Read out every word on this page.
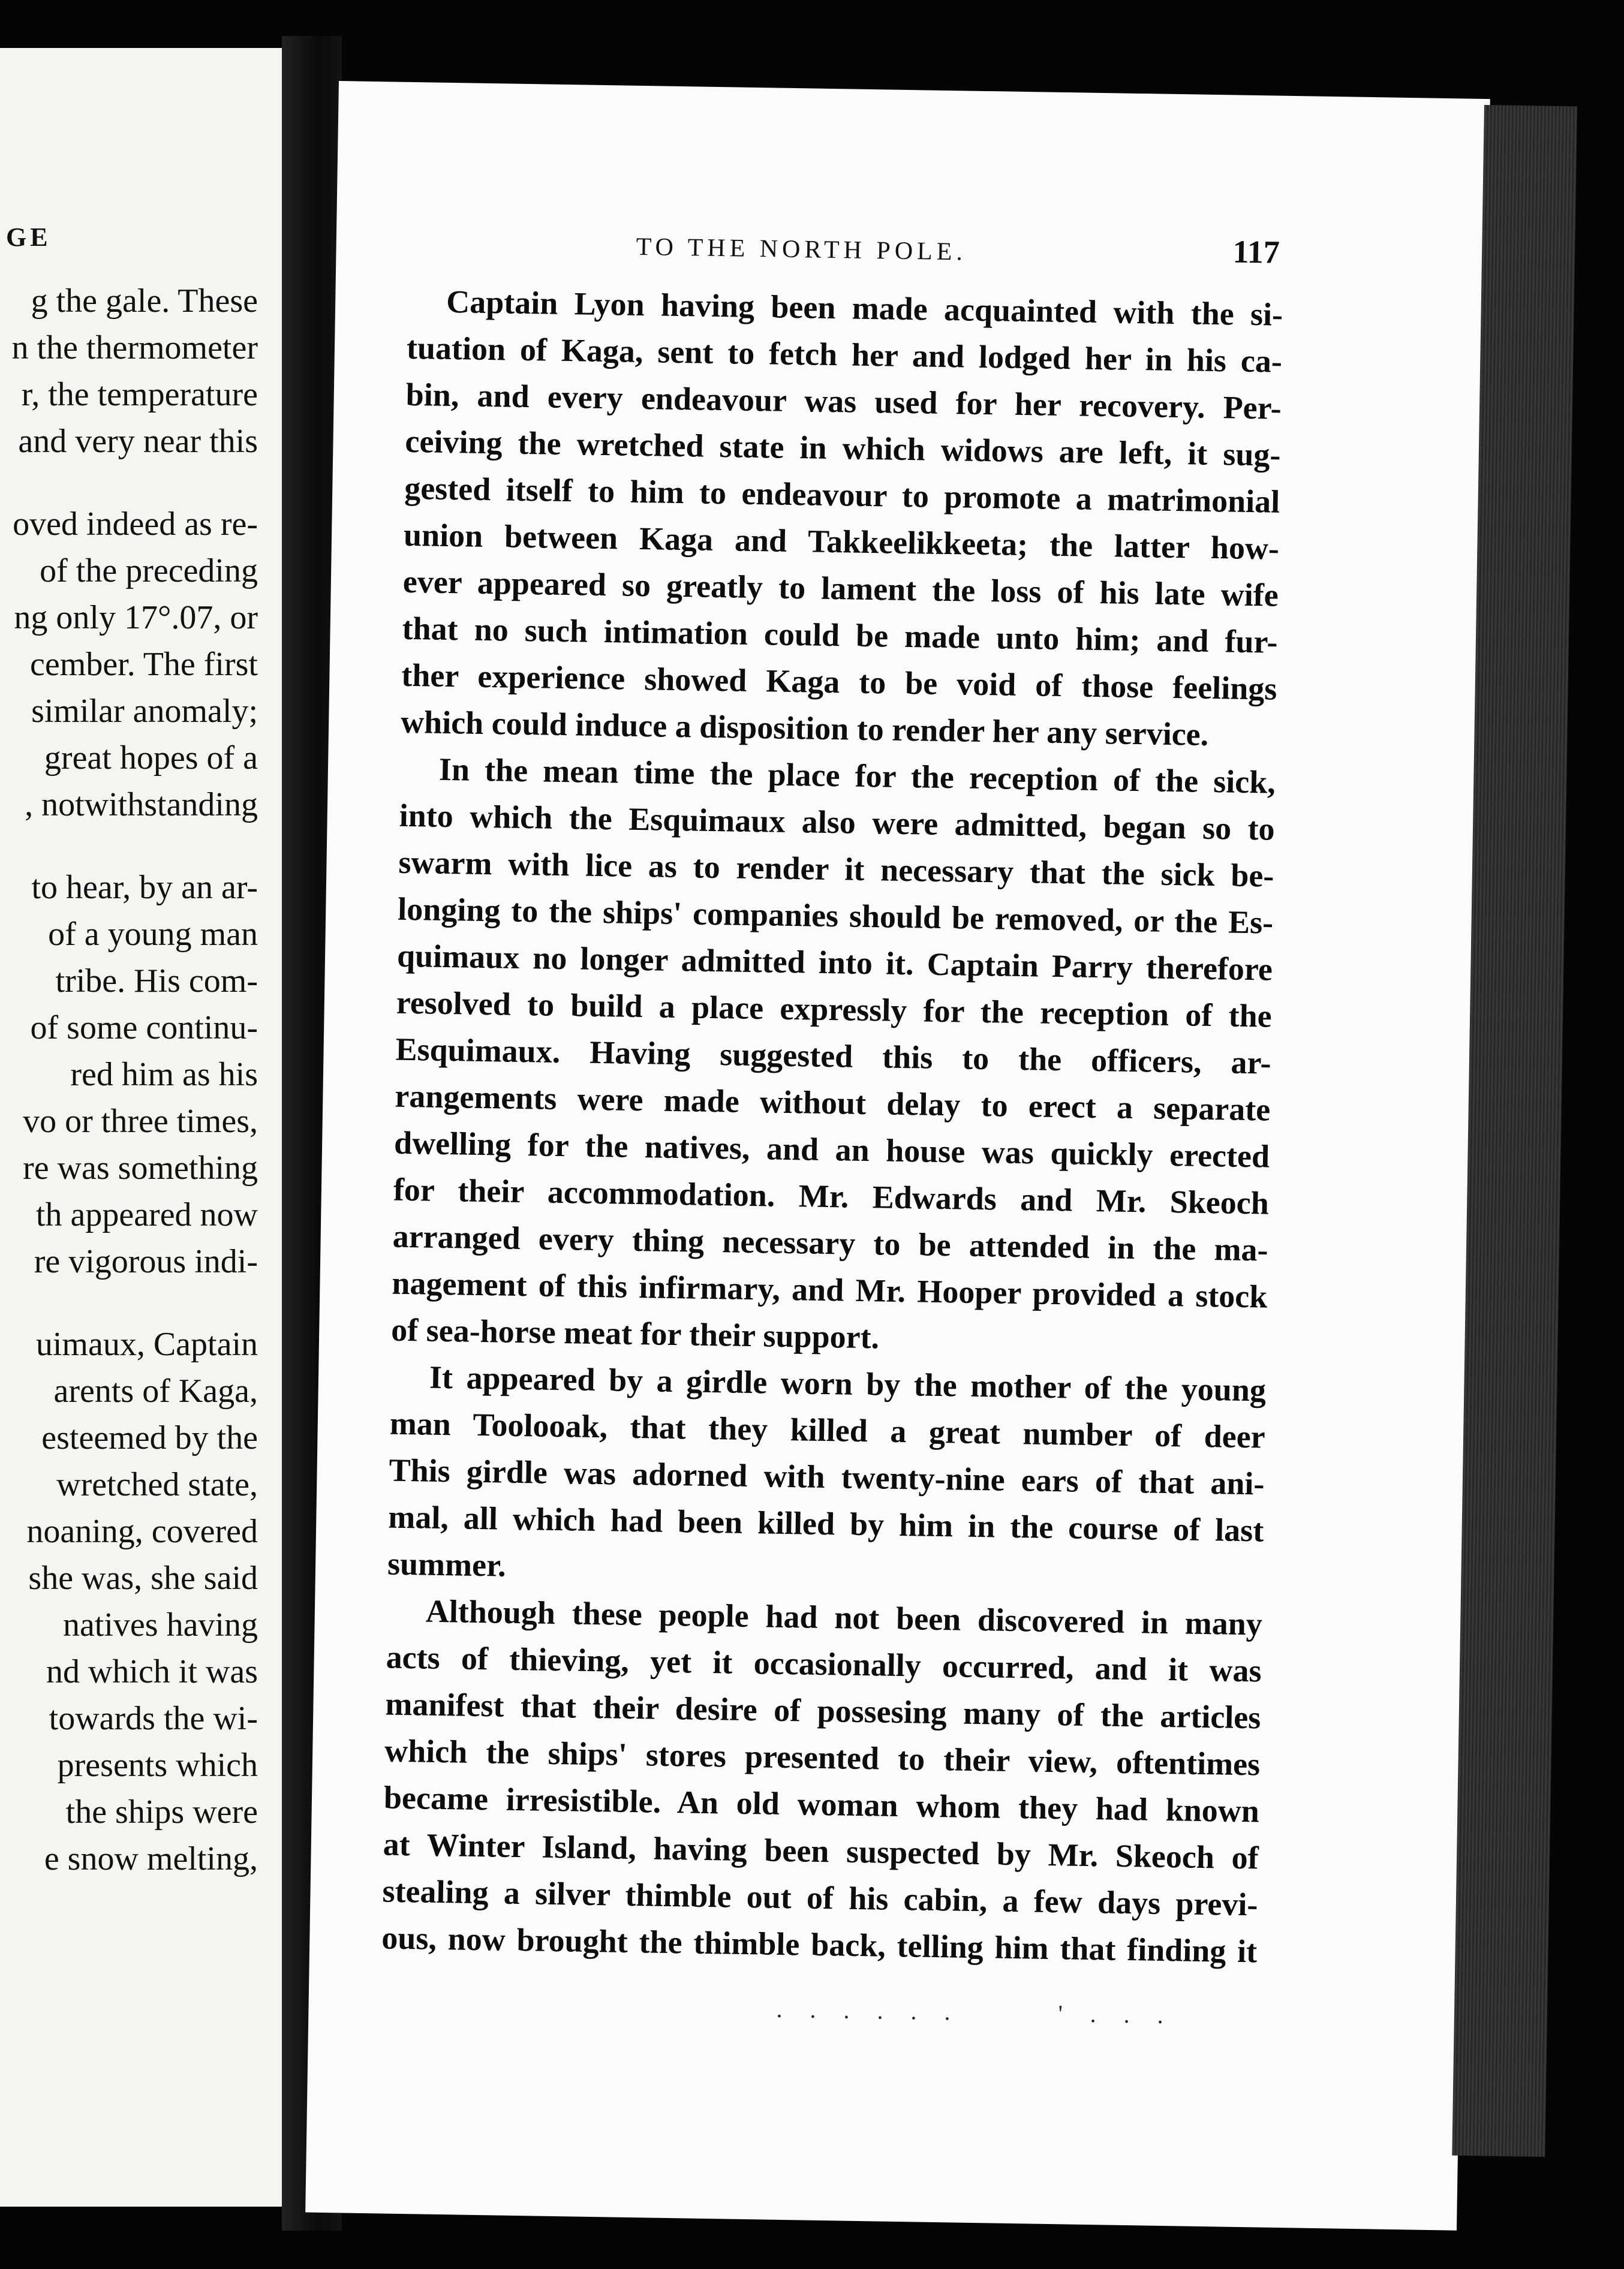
GE
g the gale. These
n the thermometer
r, the temperature
and very near this
oved indeed as re-
of the preceding
ng only 17°.07, or
cember. The first
similar anomaly;
great hopes of a
, notwithstanding
to hear, by an ar-
of a young man
tribe. His com-
of some continu-
red him as his
vo or three times,
re was something
th appeared now
re vigorous indi-
uimaux, Captain
arents of Kaga,
esteemed by the
wretched state,
noaning, covered
she was, she said
natives having
nd which it was
towards the wi-
presents which
the ships were
e snow melting,
TO THE NORTH POLE.	117
Captain Lyon having been made acquainted with the si-
tuation of Kaga, sent to fetch her and lodged her in his ca-
bin, and every endeavour was used for her recovery. Per-
ceiving the wretched state in which widows are left, it sug-
gested itself to him to endeavour to promote a matrimonial
union between Kaga and Takkeelikkeeta; the latter how-
ever appeared so greatly to lament the loss of his late wife
that no such intimation could be made unto him; and fur-
ther experience showed Kaga to be void of those feelings
which could induce a disposition to render her any service.
In the mean time the place for the reception of the sick,
into which the Esquimaux also were admitted, began so to
swarm with lice as to render it necessary that the sick be-
longing to the ships' companies should be removed, or the Es-
quimaux no longer admitted into it. Captain Parry therefore
resolved to build a place expressly for the reception of the
Esquimaux. Having suggested this to the officers, ar-
rangements were made without delay to erect a separate
dwelling for the natives, and an house was quickly erected
for their accommodation. Mr. Edwards and Mr. Skeoch
arranged every thing necessary to be attended in the ma-
nagement of this infirmary, and Mr. Hooper provided a stock
of sea-horse meat for their support.
It appeared by a girdle worn by the mother of the young
man Toolooak, that they killed a great number of deer
This girdle was adorned with twenty-nine ears of that ani-
mal, all which had been killed by him in the course of last
summer.
Although these people had not been discovered in many
acts of thieving, yet it occasionally occurred, and it was
manifest that their desire of possesing many of the articles
which the ships' stores presented to their view, oftentimes
became irresistible. An old woman whom they had known
at Winter Island, having been suspected by Mr. Skeoch of
stealing a silver thimble out of his cabin, a few days previ-
ous, now brought the thimble back, telling him that finding it
. . . . . .	' . . .
